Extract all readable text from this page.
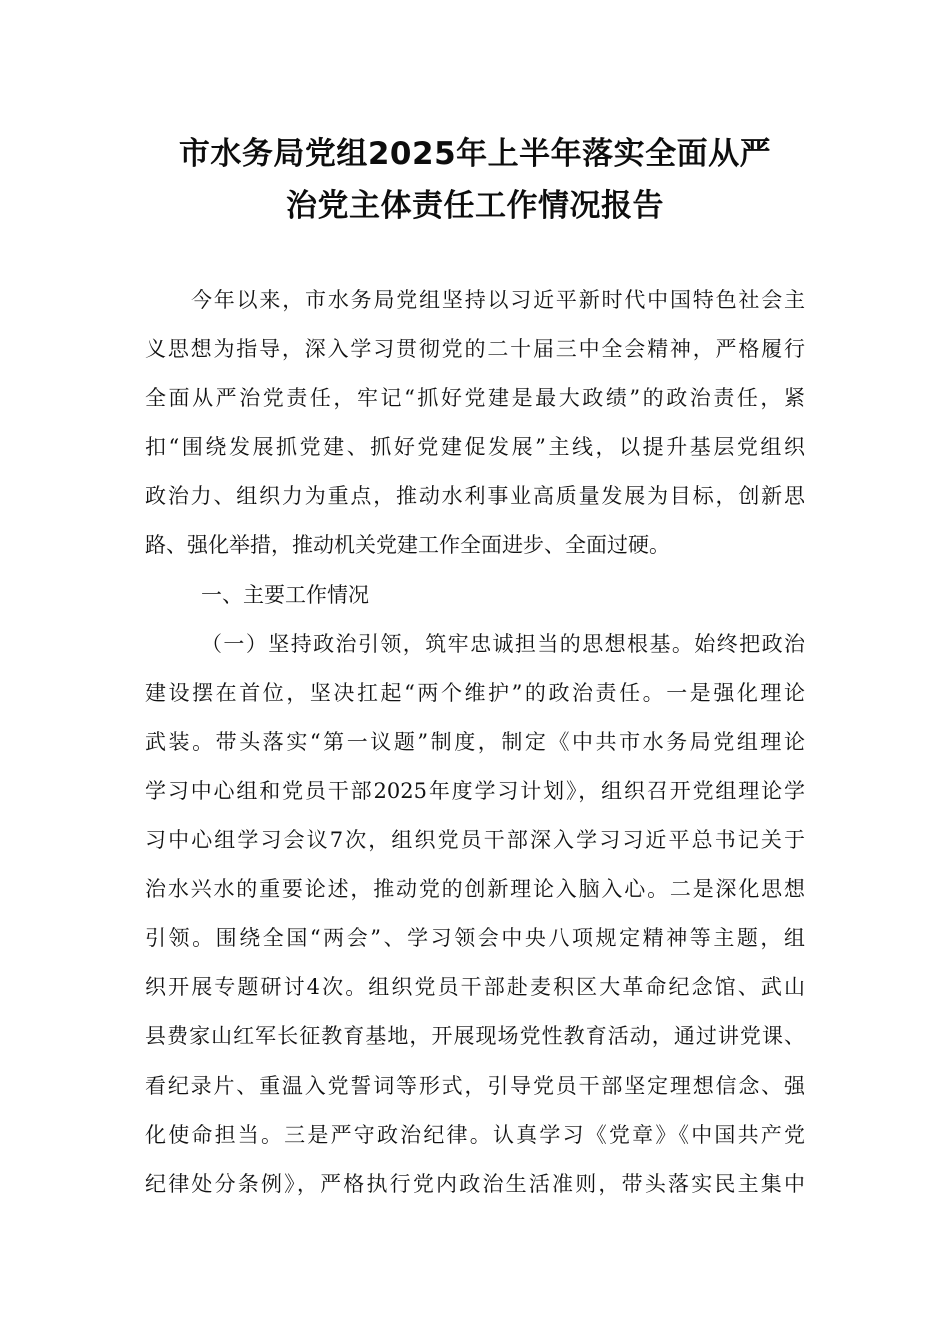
市水务局党组2025年上半年落实全面从严
治党主体责任工作情况报告
今年以来，市水务局党组坚持以习近平新时代中国特色社会主
义思想为指导，深入学习贯彻党的二十届三中全会精神，严格履行
全面从严治党责任，牢记“抓好党建是最大政绩”的政治责任，紧
扣“围绕发展抓党建、抓好党建促发展”主线，以提升基层党组织
政治力、组织力为重点，推动水利事业高质量发展为目标，创新思
路、强化举措，推动机关党建工作全面进步、全面过硬。
一、主要工作情况
（一）坚持政治引领，筑牢忠诚担当的思想根基。始终把政治
建设摆在首位，坚决扛起“两个维护”的政治责任。一是强化理论
武装。带头落实“第一议题”制度，制定《中共市水务局党组理论
学习中心组和党员干部2025年度学习计划》，组织召开党组理论学
习中心组学习会议7次，组织党员干部深入学习习近平总书记关于
治水兴水的重要论述，推动党的创新理论入脑入心。二是深化思想
引领。围绕全国“两会”、学习领会中央八项规定精神等主题，组
织开展专题研讨4次。组织党员干部赴麦积区大革命纪念馆、武山
县费家山红军长征教育基地，开展现场党性教育活动，通过讲党课、
看纪录片、重温入党誓词等形式，引导党员干部坚定理想信念、强
化使命担当。三是严守政治纪律。认真学习《党章》《中国共产党
纪律处分条例》，严格执行党内政治生活准则，带头落实民主集中
